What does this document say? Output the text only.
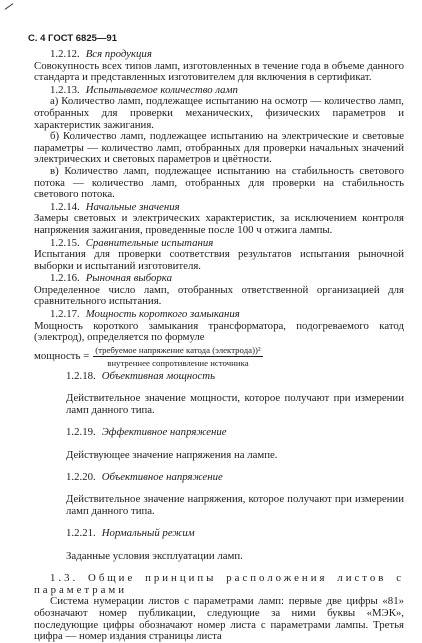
С. 4 ГОСТ 6825—91
1.2.12. Вся продукция

Совокупность всех типов ламп, изготовленных в течение года в объеме данного стандарта и представленных изготовителем для включения в сертификат.

1.2.13. Испытываемое количество ламп

а) Количество ламп, подлежащее испытанию на осмотр — количество ламп, отобранных для проверки механических, физических параметров и характеристик зажигания.

б) Количество ламп, подлежащее испытанию на электрические и световые параметры — количество ламп, отобранных для проверки начальных значений электрических и световых параметров и цвётности.

в) Количество ламп, подлежащее испытанию на стабильность светового потока — количество ламп, отобранных для проверки на стабильность светового потока.

1.2.14. Начальные значения

Замеры световых и электрических характеристик, за исключением контроля напряжения зажигания, проведенные после 100 ч отжига лампы.

1.2.15. Сравнительные испытания

Испытания для проверки соответствия результатов испытания рыночной выборки и испытаний изготовителя.

1.2.16. Рыночная выборка

Определенное число ламп, отобранных ответственной организацией для сравнительного испытания.

1.2.17. Мощность короткого замыкания

Мощность короткого замыкания трансформатора, подогреваемого катод (электрод), определяется по формуле

мощность = $\frac{\text{(требуемое напряжение катода (электрода))²}}{\text{внутреннее сопротивление источника}}$
1.2.18. Объективная мощность

Действительное значение мощности, которое получают при измерении ламп данного типа.

1.2.19. Эффективное напряжение

Действующее значение напряжения на лампе.

1.2.20. Объективное напряжение

Действительное значение напряжения, которое получают при измерении ламп данного типа.

1.2.21. Нормальный режим

Заданные условия эксплуатации ламп.

1.3. Общие принципы расположения листов с параметрами

Система нумерации листов с параметрами ламп: первые две цифры «81» обозначают номер публикации, следующие за ними буквы «МЭК», последующие цифры обозначают номер листа с параметрами лампы. Третья цифра — номер издания страницы листа
